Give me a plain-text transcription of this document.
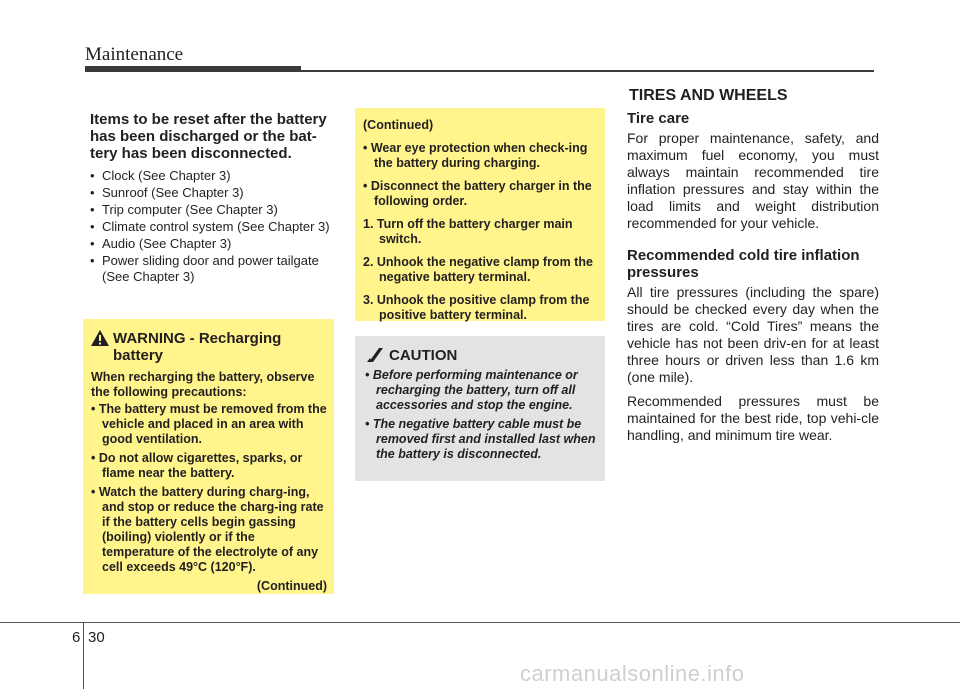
Maintenance
Items to be reset after the battery has been discharged or the bat-tery has been disconnected.
• Clock (See Chapter 3)
• Sunroof (See Chapter 3)
• Trip computer (See Chapter 3)
• Climate control system (See Chapter 3)
• Audio (See Chapter 3)
• Power sliding door and power tailgate (See Chapter 3)
WARNING - Recharging battery

When recharging the battery, observe the following precautions:

• The battery must be removed from the vehicle and placed in an area with good ventilation.
• Do not allow cigarettes, sparks, or flame near the battery.
• Watch the battery during charg-ing, and stop or reduce the charg-ing rate if the battery cells begin gassing (boiling) violently or if the temperature of the electrolyte of any cell exceeds 49°C (120°F).
(Continued)
(Continued)
• Wear eye protection when check-ing the battery during charging.
• Disconnect the battery charger in the following order.
1. Turn off the battery charger main switch.
2. Unhook the negative clamp from the negative battery terminal.
3. Unhook the positive clamp from the positive battery terminal.
CAUTION
• Before performing maintenance or recharging the battery, turn off all accessories and stop the engine.
• The negative battery cable must be removed first and installed last when the battery is disconnected.
TIRES AND WHEELS
Tire care

For proper maintenance, safety, and maximum fuel economy, you must always maintain recommended tire inflation pressures and stay within the load limits and weight distribution recommended for your vehicle.

Recommended cold tire inflation pressures

All tire pressures (including the spare) should be checked every day when the tires are cold. “Cold Tires” means the vehicle has not been driv-en for at least three hours or driven less than 1.6 km (one mile).

Recommended pressures must be maintained for the best ride, top vehi-cle handling, and minimum tire wear.

6 30
carmanualsonline.info
